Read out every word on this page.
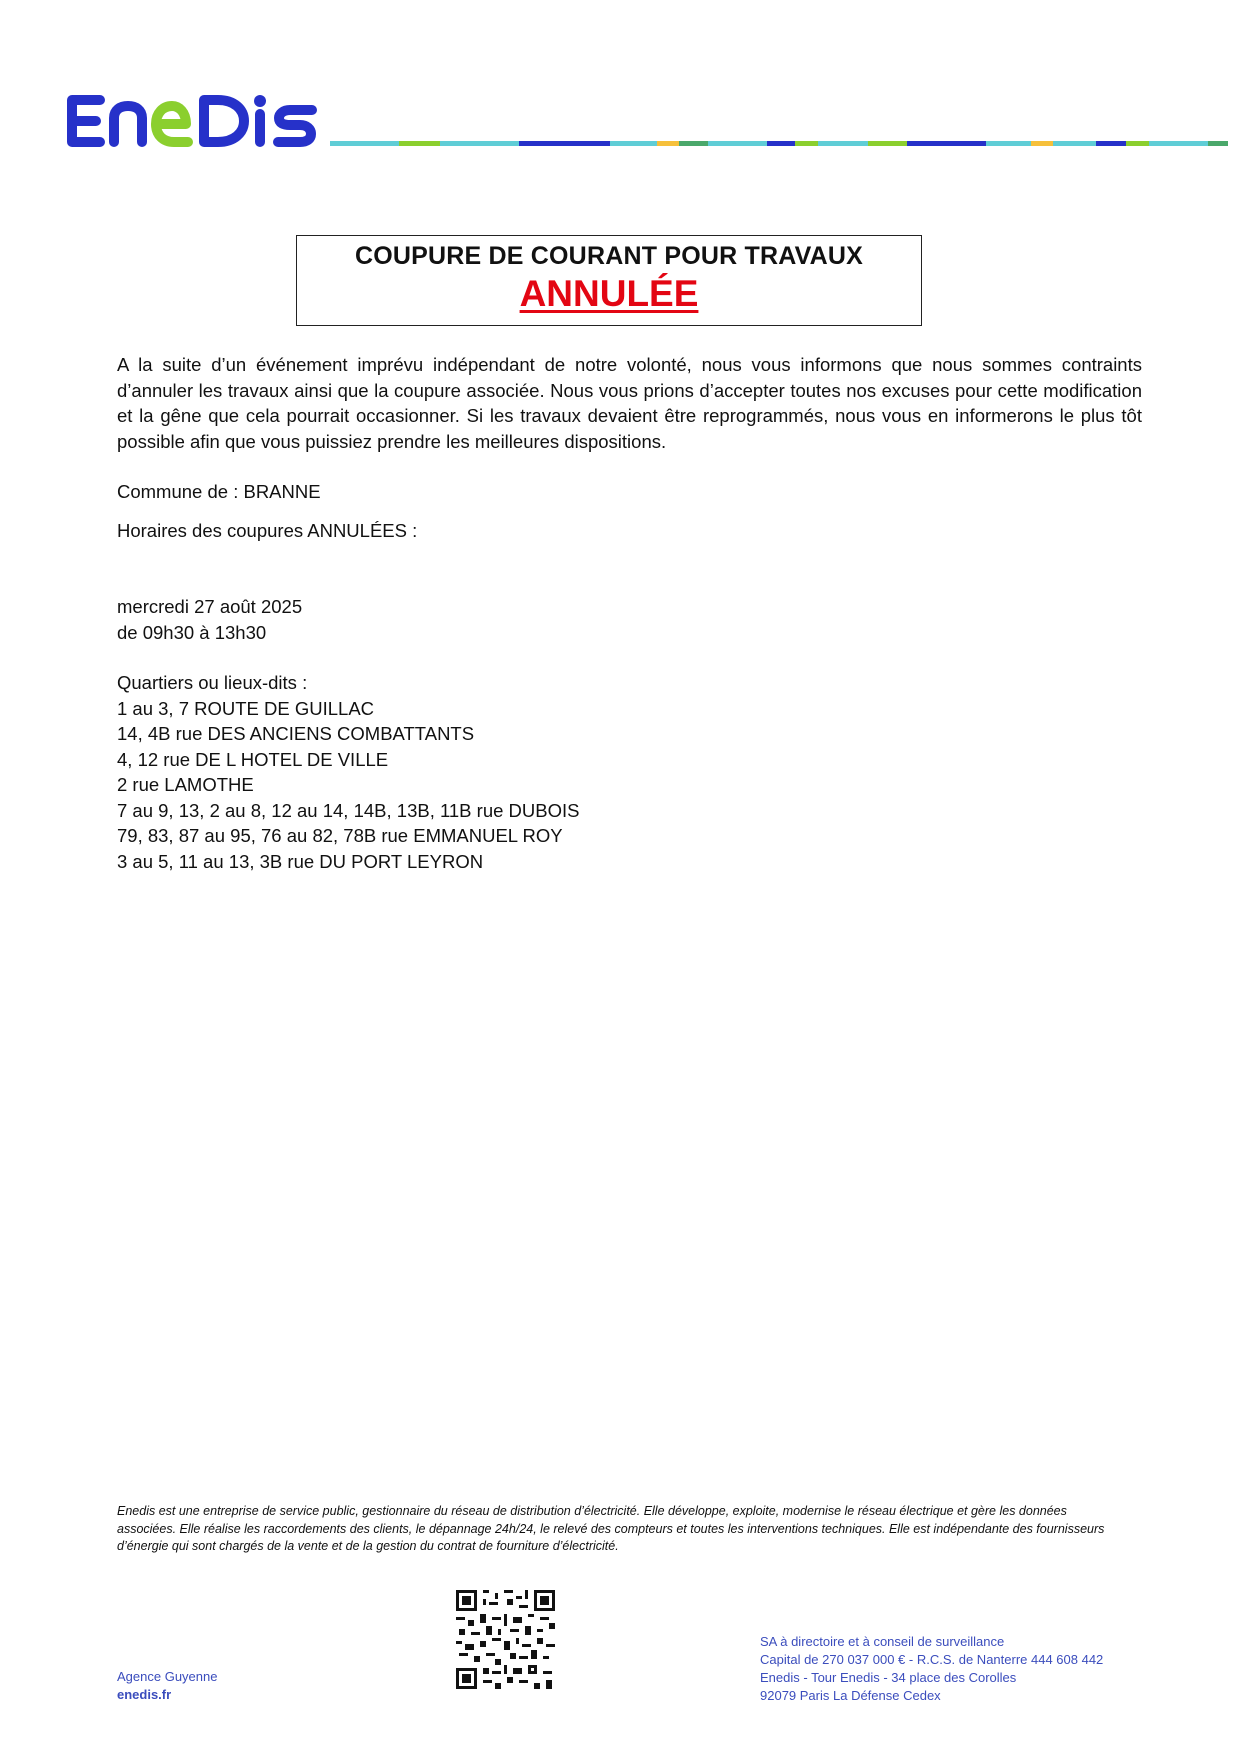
COUPURE DE COURANT POUR TRAVAUX
ANNULÉE

A la suite d’un événement imprévu indépendant de notre volonté, nous vous informons que nous sommes contraints d’annuler les travaux ainsi que la coupure associée. Nous vous prions d’accepter toutes nos excuses pour cette modification et la gêne que cela pourrait occasionner. Si les travaux devaient être reprogrammés, nous vous en informerons le plus tôt possible afin que vous puissiez prendre les meilleures dispositions.

Commune de : BRANNE

Horaires des coupures ANNULÉES :

mercredi 27 août 2025

de 09h30 à 13h30

Quartiers ou lieux-dits :

1 au 3, 7 ROUTE DE GUILLAC

14, 4B rue DES ANCIENS COMBATTANTS

4, 12 rue DE L HOTEL DE VILLE

2 rue LAMOTHE

7 au 9, 13, 2 au 8, 12 au 14, 14B, 13B, 11B rue DUBOIS

79, 83, 87 au 95, 76 au 82, 78B rue EMMANUEL ROY

3 au 5, 11 au 13, 3B rue DU PORT LEYRON

Enedis est une entreprise de service public, gestionnaire du réseau de distribution d’électricité. Elle développe, exploite, modernise le réseau électrique et gère les données associées. Elle réalise les raccordements des clients, le dépannage 24h/24, le relevé des compteurs et toutes les interventions techniques. Elle est indépendante des fournisseurs d’énergie qui sont chargés de la vente et de la gestion du contrat de fourniture d’électricité.

Agence Guyenne
enedis.fr
SA à directoire et à conseil de surveillance
Capital de 270 037 000 € - R.C.S. de Nanterre 444 608 442
Enedis - Tour Enedis - 34 place des Corolles
92079 Paris La Défense Cedex
